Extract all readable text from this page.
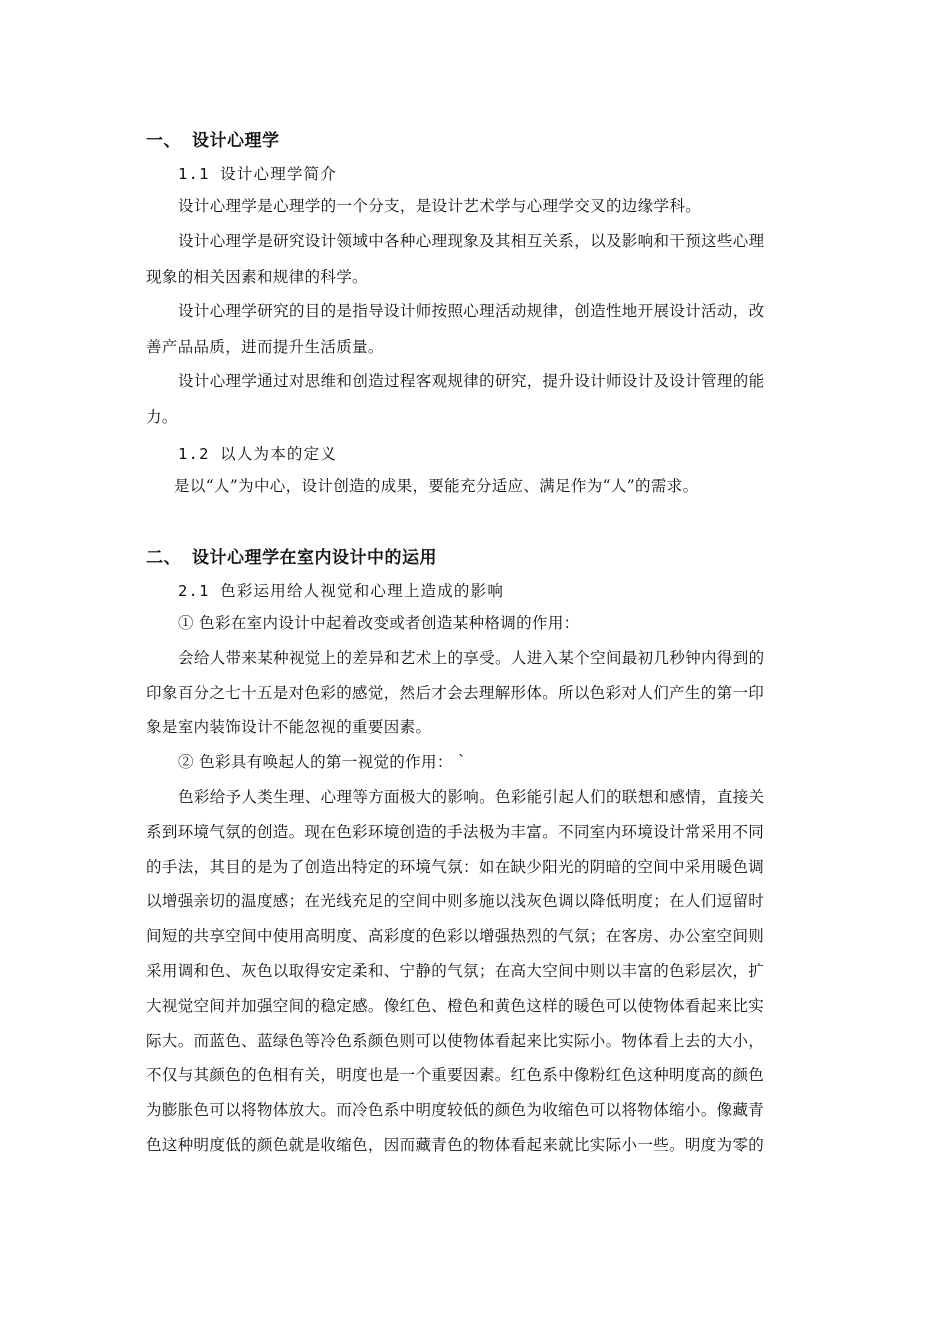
一、 设计心理学
1.1 设计心理学简介
设计心理学是心理学的一个分支，是设计艺术学与心理学交叉的边缘学科。
设计心理学是研究设计领域中各种心理现象及其相互关系，以及影响和干预这些心理
现象的相关因素和规律的科学。
设计心理学研究的目的是指导设计师按照心理活动规律，创造性地开展设计活动，改
善产品品质，进而提升生活质量。
设计心理学通过对思维和创造过程客观规律的研究，提升设计师设计及设计管理的能
力。
1.2 以人为本的定义
是以“人”为中心，设计创造的成果，要能充分适应、满足作为“人”的需求。
二、 设计心理学在室内设计中的运用
2.1 色彩运用给人视觉和心理上造成的影响
① 色彩在室内设计中起着改变或者创造某种格调的作用：
会给人带来某种视觉上的差异和艺术上的享受。人进入某个空间最初几秒钟内得到的
印象百分之七十五是对色彩的感觉，然后才会去理解形体。所以色彩对人们产生的第一印
象是室内装饰设计不能忽视的重要因素。
② 色彩具有唤起人的第一视觉的作用： `
色彩给予人类生理、心理等方面极大的影响。色彩能引起人们的联想和感情，直接关
系到环境气氛的创造。现在色彩环境创造的手法极为丰富。不同室内环境设计常采用不同
的手法，其目的是为了创造出特定的环境气氛：如在缺少阳光的阴暗的空间中采用暖色调
以增强亲切的温度感；在光线充足的空间中则多施以浅灰色调以降低明度；在人们逗留时
间短的共享空间中使用高明度、高彩度的色彩以增强热烈的气氛；在客房、办公室空间则
采用调和色、灰色以取得安定柔和、宁静的气氛；在高大空间中则以丰富的色彩层次，扩
大视觉空间并加强空间的稳定感。像红色、橙色和黄色这样的暖色可以使物体看起来比实
际大。而蓝色、蓝绿色等冷色系颜色则可以使物体看起来比实际小。物体看上去的大小，
不仅与其颜色的色相有关，明度也是一个重要因素。红色系中像粉红色这种明度高的颜色
为膨胀色可以将物体放大。而冷色系中明度较低的颜色为收缩色可以将物体缩小。像藏青
色这种明度低的颜色就是收缩色，因而藏青色的物体看起来就比实际小一些。明度为零的
